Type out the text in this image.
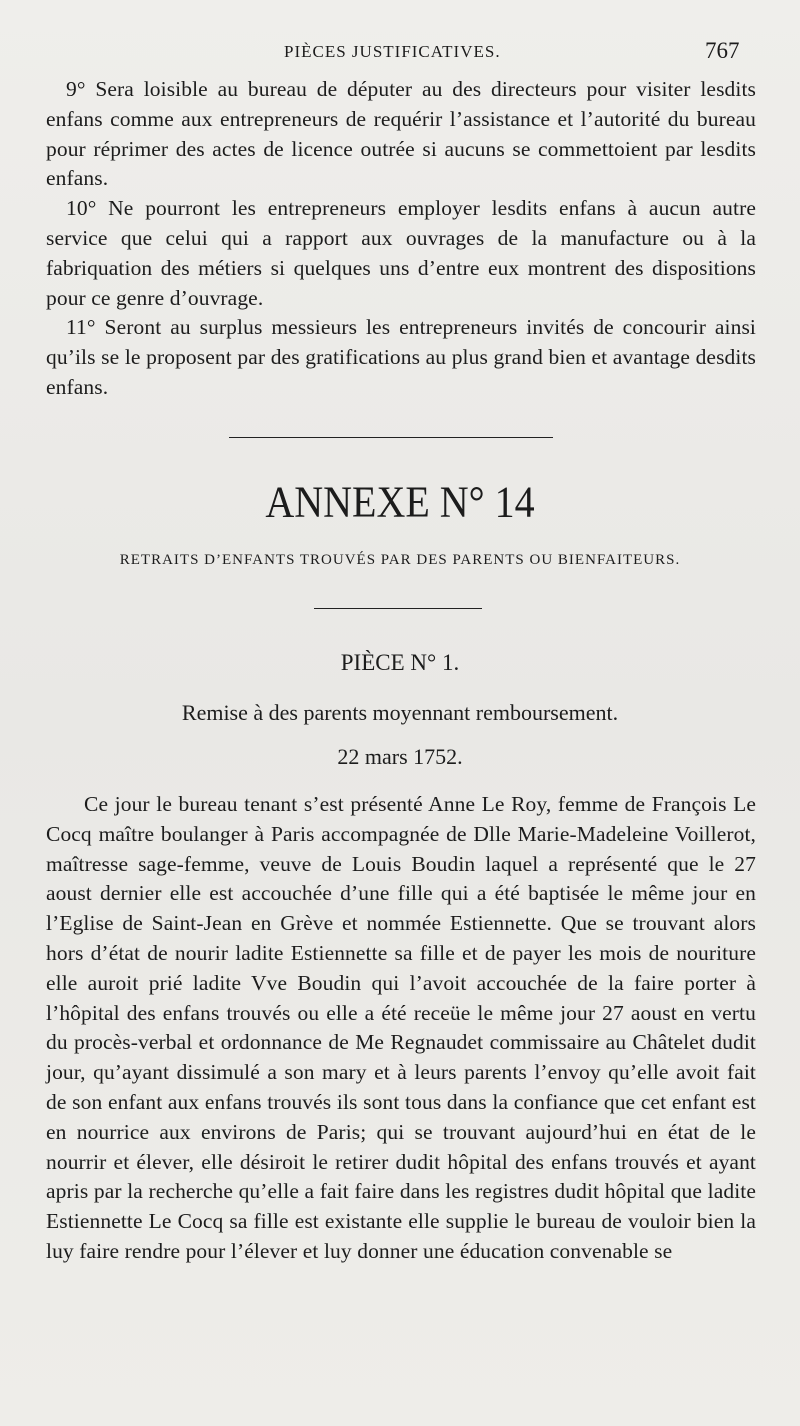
PIÈCES JUSTIFICATIVES.	767

9° Sera loisible au bureau de députer au des directeurs pour visiter lesdits enfans comme aux entrepreneurs de requérir l’assistance et l’autorité du bureau pour réprimer des actes de licence outrée si aucuns se commettoient par lesdits enfans.

10° Ne pourront les entrepreneurs employer lesdits enfans à aucun autre service que celui qui a rapport aux ouvrages de la manufacture ou à la fabriquation des métiers si quelques uns d’entre eux montrent des dispositions pour ce genre d’ouvrage.

11° Seront au surplus messieurs les entrepreneurs invités de concourir ainsi qu’ils se le proposent par des gratifications au plus grand bien et avantage desdits enfans.

ANNEXE N° 14
RETRAITS D’ENFANTS TROUVÉS PAR DES PARENTS OU BIENFAITEURS.
PIÈCE N° 1.
Remise à des parents moyennant remboursement.
22 mars 1752.

Ce jour le bureau tenant s’est présenté Anne Le Roy, femme de François Le Cocq maître boulanger à Paris accompagnée de Dlle Marie-Madeleine Voillerot, maîtresse sage-femme, veuve de Louis Boudin laquel a représenté que le 27 aoust dernier elle est accouchée d’une fille qui a été baptisée le même jour en l’Eglise de Saint-Jean en Grève et nommée Estiennette. Que se trouvant alors hors d’état de nourir ladite Estiennette sa fille et de payer les mois de nouriture elle auroit prié ladite Vve Boudin qui l’avoit accouchée de la faire porter à l’hôpital des enfans trouvés ou elle a été receüe le même jour 27 aoust en vertu du procès-verbal et ordonnance de Me Regnaudet commissaire au Châtelet dudit jour, qu’ayant dissimulé a son mary et à leurs parents l’envoy qu’elle avoit fait de son enfant aux enfans trouvés ils sont tous dans la confiance que cet enfant est en nourrice aux environs de Paris; qui se trouvant aujourd’hui en état de le nourrir et élever, elle désiroit le retirer dudit hôpital des enfans trouvés et ayant apris par la recherche qu’elle a fait faire dans les registres dudit hôpital que ladite Estiennette Le Cocq sa fille est existante elle supplie le bureau de vouloir bien la luy faire rendre pour l’élever et luy donner une éducation convenable se
